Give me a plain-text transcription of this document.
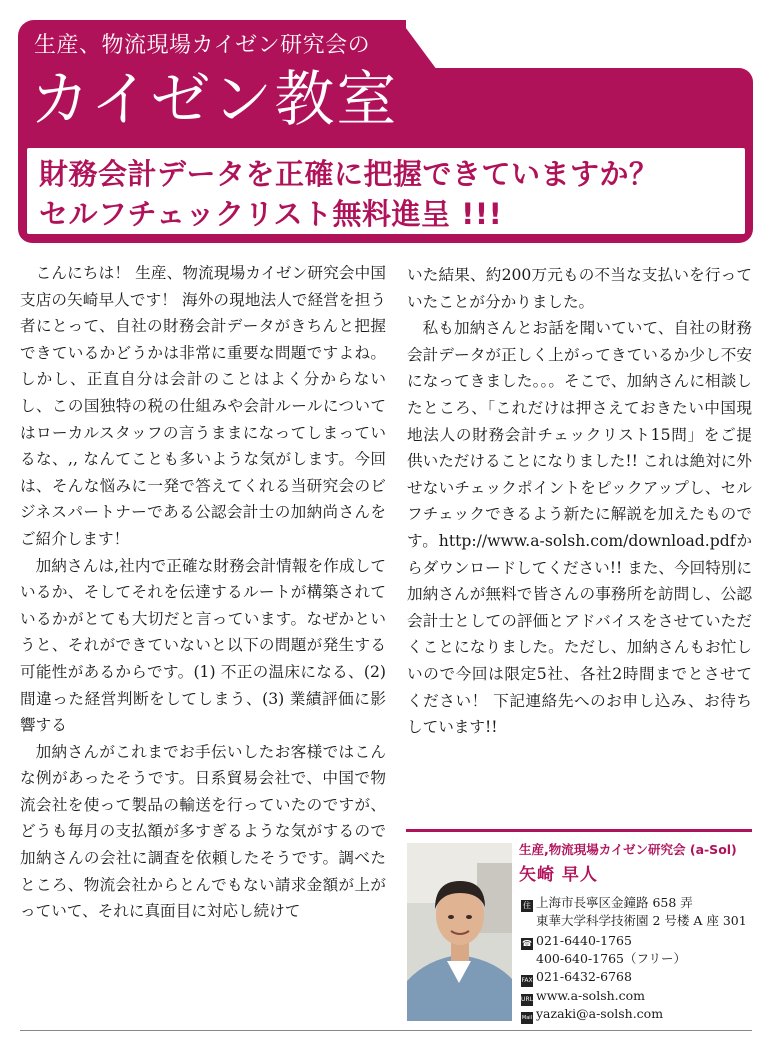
生産、物流現場カイゼン研究会の
カイゼン教室
財務会計データを正確に把握できていますか？
セルフチェックリスト無料進呈 !!!

こんにちは！ 生産、物流現場カイゼン研究会中国支店の矢崎早人です！ 海外の現地法人で経営を担う者にとって、自社の財務会計データがきちんと把握できているかどうかは非常に重要な問題ですよね。しかし、正直自分は会計のことはよく分からないし、この国独特の税の仕組みや会計ルールについてはローカルスタッフの言うままになってしまっているな、,, なんてことも多いような気がします。今回は、そんな悩みに一発で答えてくれる当研究会のビジネスパートナーである公認会計士の加納尚さんをご紹介します！

加納さんは,社内で正確な財務会計情報を作成しているか、そしてそれを伝達するルートが構築されているかがとても大切だと言っています。なぜかというと、それができていないと以下の問題が発生する可能性があるからです。(1) 不正の温床になる、(2) 間違った経営判断をしてしまう、(3) 業績評価に影響する

加納さんがこれまでお手伝いしたお客様ではこんな例があったそうです。日系貿易会社で、中国で物流会社を使って製品の輸送を行っていたのですが、どうも毎月の支払額が多すぎるような気がするので加納さんの会社に調査を依頼したそうです。調べたところ、物流会社からとんでもない請求金額が上がっていて、それに真面目に対応し続けて

いた結果、約200万元もの不当な支払いを行っていたことが分かりました。

私も加納さんとお話を聞いていて、自社の財務会計データが正しく上がってきているか少し不安になってきました。。。そこで、加納さんに相談したところ、「これだけは押さえておきたい中国現地法人の財務会計チェックリスト15問」をご提供いただけることになりました!! これは絶対に外せないチェックポイントをピックアップし、セルフチェックできるよう新たに解説を加えたものです。http://www.a-solsh.com/download.pdfからダウンロードしてください!! また、今回特別に加納さんが無料で皆さんの事務所を訪問し、公認会計士としての評価とアドバイスをさせていただくことになりました。ただし、加納さんもお忙しいので今回は限定5社、各社2時間までとさせてください！ 下記連絡先へのお申し込み、お待ちしています!!

生産,物流現場カイゼン研究会 (a-Sol)
矢崎 早人
住 上海市長寧区金鐘路 658 弄
東華大学科学技術園 2 号楼 A 座 301
☎ 021-6440-1765
400-640-1765（フリー）
FAX 021-6432-6768
URL www.a-solsh.com
Mail yazaki@a-solsh.com
